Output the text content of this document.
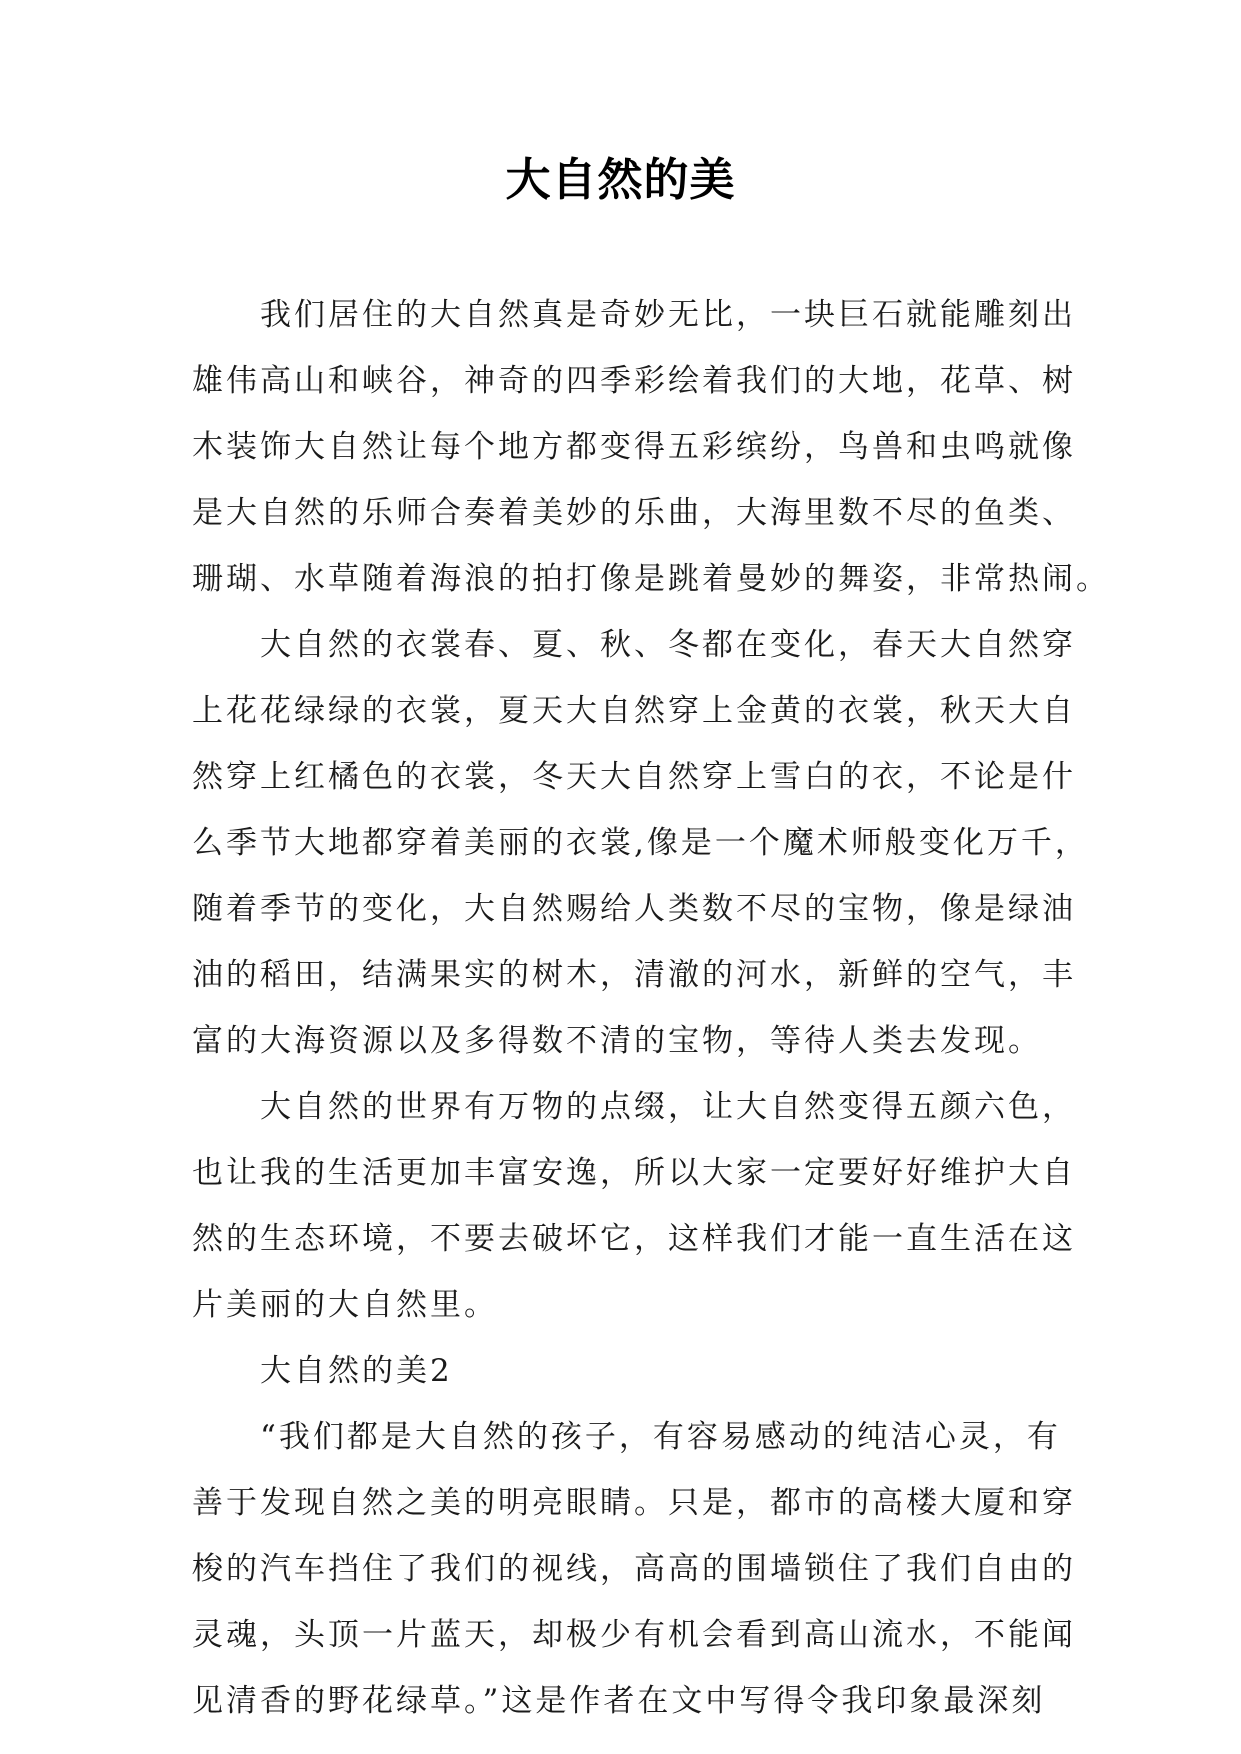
大自然的美
　　我们居住的大自然真是奇妙无比，一块巨石就能雕刻出
雄伟高山和峡谷，神奇的四季彩绘着我们的大地，花草、树
木装饰大自然让每个地方都变得五彩缤纷，鸟兽和虫鸣就像
是大自然的乐师合奏着美妙的乐曲，大海里数不尽的鱼类、
珊瑚、水草随着海浪的拍打像是跳着曼妙的舞姿，非常热闹。
　　大自然的衣裳春、夏、秋、冬都在变化，春天大自然穿
上花花绿绿的衣裳，夏天大自然穿上金黄的衣裳，秋天大自
然穿上红橘色的衣裳，冬天大自然穿上雪白的衣，不论是什
么季节大地都穿着美丽的衣裳,像是一个魔术师般变化万千，
随着季节的变化，大自然赐给人类数不尽的宝物，像是绿油
油的稻田，结满果实的树木，清澈的河水，新鲜的空气，丰
富的大海资源以及多得数不清的宝物，等待人类去发现。
　　大自然的世界有万物的点缀，让大自然变得五颜六色，
也让我的生活更加丰富安逸，所以大家一定要好好维护大自
然的生态环境，不要去破坏它，这样我们才能一直生活在这
片美丽的大自然里。
　　大自然的美2
　　“我们都是大自然的孩子，有容易感动的纯洁心灵，有
善于发现自然之美的明亮眼睛。只是，都市的高楼大厦和穿
梭的汽车挡住了我们的视线，高高的围墙锁住了我们自由的
灵魂，头顶一片蓝天，却极少有机会看到高山流水，不能闻
见清香的野花绿草。”这是作者在文中写得令我印象最深刻
